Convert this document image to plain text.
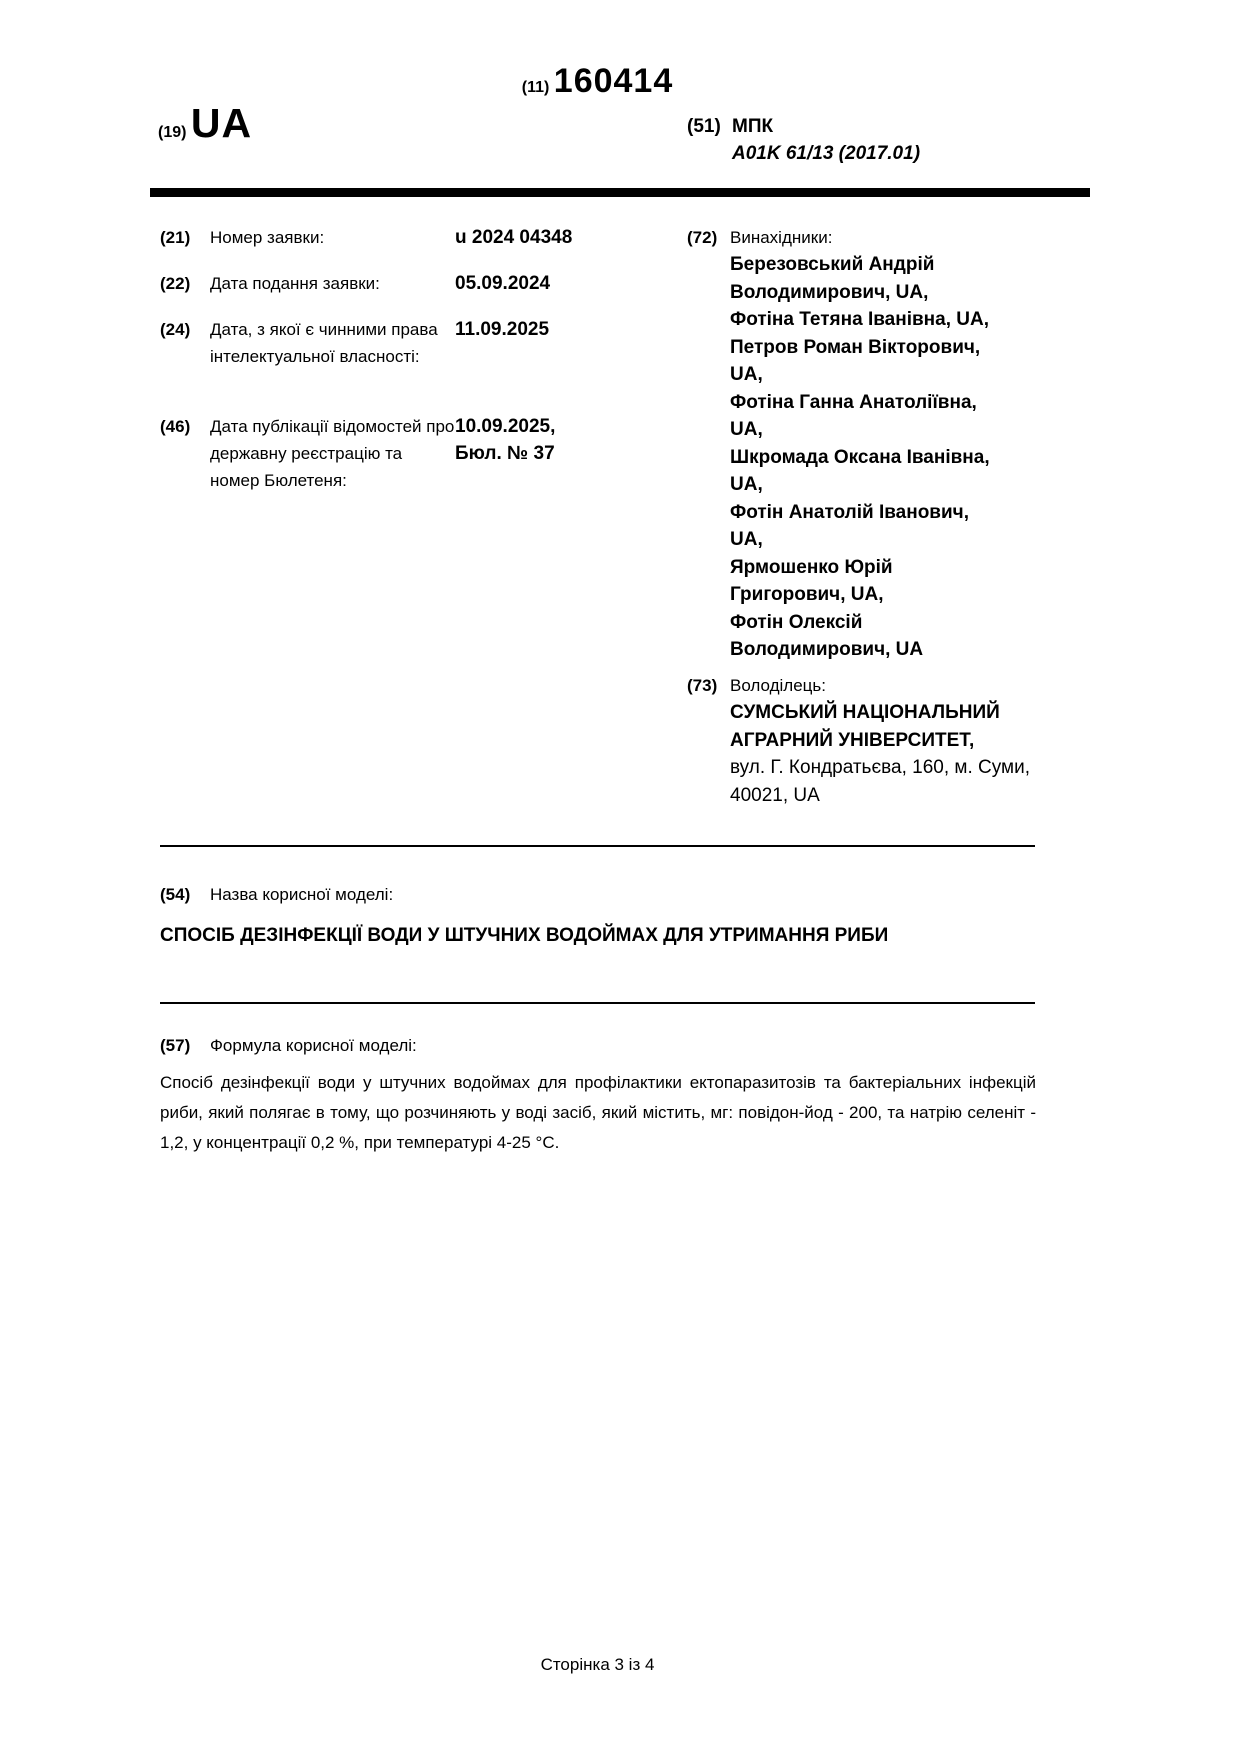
(11) 160414
(19) UA	(51) МПК
A01K 61/13 (2017.01)
(21)	Номер заявки:	u 2024 04348
(22)	Дата подання заявки:	05.09.2024
(24)	Дата, з якої є чинними права інтелектуальної власності:
11.09.2025
(46)	Дата публікації відомостей про державну реєстрацію та номер Бюлетеня:
10.09.2025, Бюл. № 37
(72) Винахідники:
Березовський Андрій Володимирович, UA,
Фотіна Тетяна Іванівна, UA,
Петров Роман Вікторович, UA,
Фотіна Ганна Анатоліївна, UA,
Шкромада Оксана Іванівна, UA,
Фотін Анатолій Іванович, UA,
Ярмошенко Юрій Григорович, UA,
Фотін Олексій Володимирович, UA
(73) Володілець:
СУМСЬКИЙ НАЦІОНАЛЬНИЙ АГРАРНИЙ УНІВЕРСИТЕТ,
вул. Г. Кондратьєва, 160, м. Суми, 40021, UA
(54)	Назва корисної моделі:
СПОСІБ ДЕЗІНФЕКЦІЇ ВОДИ У ШТУЧНИХ ВОДОЙМАХ ДЛЯ УТРИМАННЯ РИБИ
(57)	Формула корисної моделі:
Спосіб дезінфекції води у штучних водоймах для профілактики ектопаразитозів та бактеріальних інфекцій риби, який полягає в тому, що розчиняють у воді засіб, який містить, мг: повідон-йод - 200, та натрію селеніт - 1,2, у концентрації 0,2 %, при температурі 4-25 °С.
Сторінка 3 із 4
